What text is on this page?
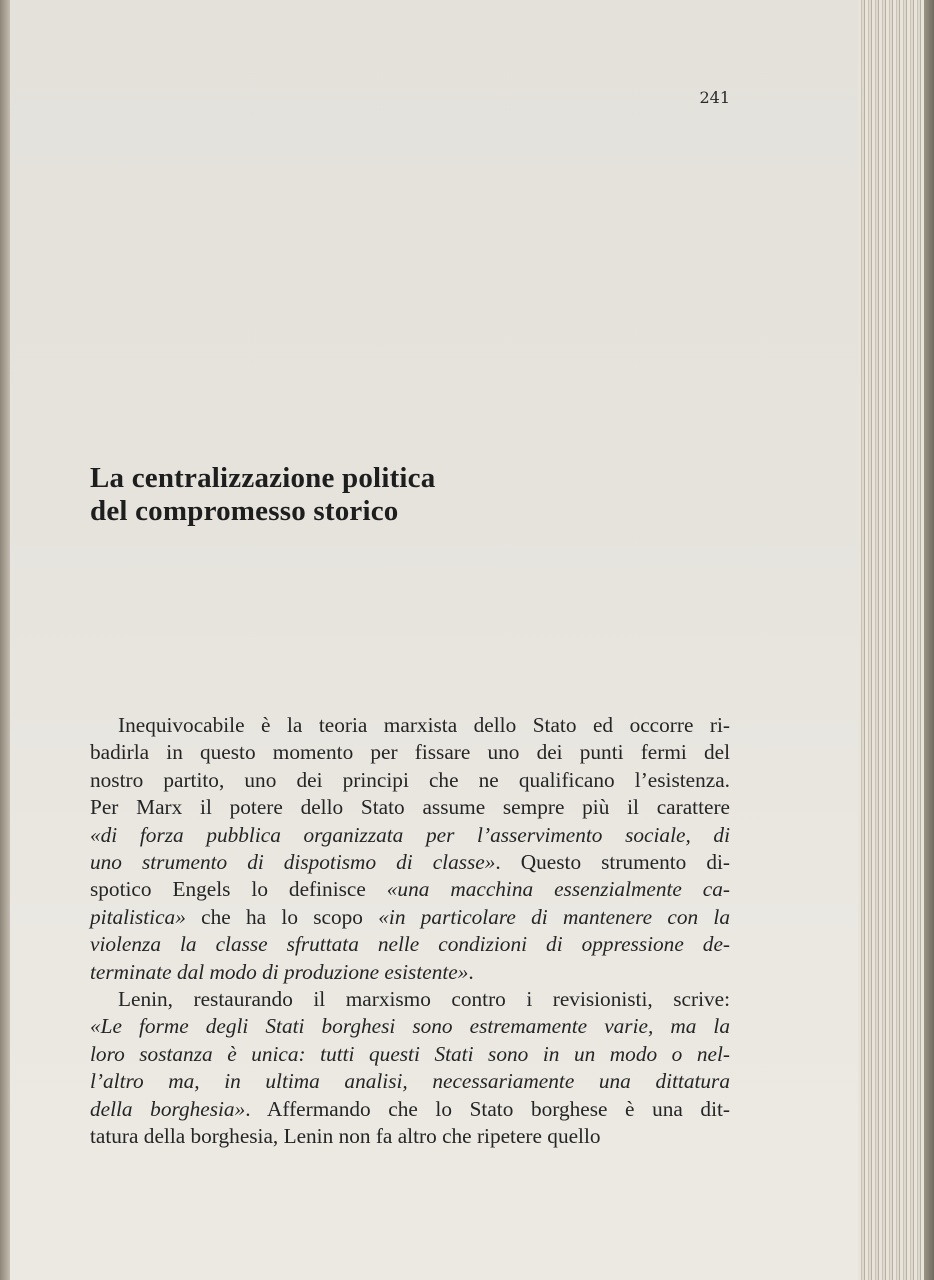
241

La centralizzazione politica
del compromesso storico
Inequivocabile è la teoria marxista dello Stato ed occorre ri-
badirla in questo momento per fissare uno dei punti fermi del
nostro partito, uno dei principi che ne qualificano l’esistenza.
Per Marx il potere dello Stato assume sempre più il carattere
«di forza pubblica organizzata per l’asservimento sociale, di
uno strumento di dispotismo di classe». Questo strumento di-
spotico Engels lo definisce «una macchina essenzialmente ca-
pitalistica» che ha lo scopo «in particolare di mantenere con la
violenza la classe sfruttata nelle condizioni di oppressione de-
terminate dal modo di produzione esistente».
Lenin, restaurando il marxismo contro i revisionisti, scrive:
«Le forme degli Stati borghesi sono estremamente varie, ma la
loro sostanza è unica: tutti questi Stati sono in un modo o nel-
l’altro ma, in ultima analisi, necessariamente una dittatura
della borghesia». Affermando che lo Stato borghese è una dit-
tatura della borghesia, Lenin non fa altro che ripetere quello
